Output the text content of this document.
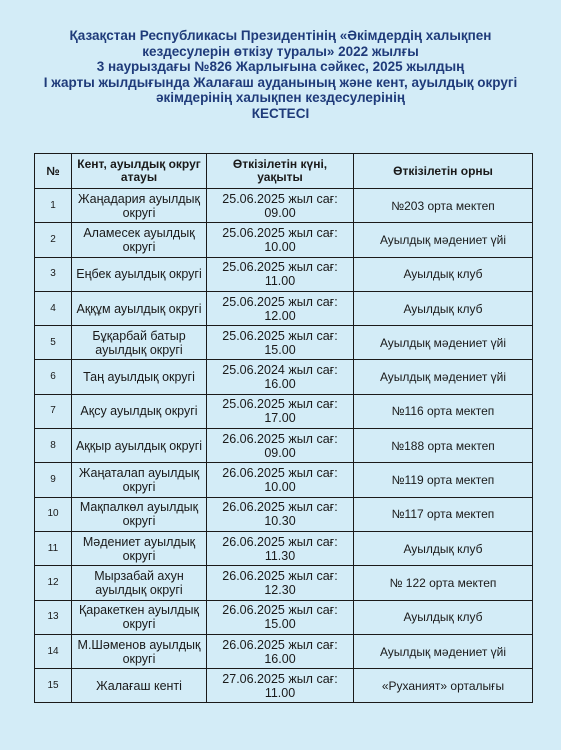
Қазақстан Республикасы Президентінің «Әкімдердің халықпен
кездесулерін өткізу туралы» 2022 жылғы
3 наурыздағы №826 Жарлығына сәйкес, 2025 жылдың
I жарты жылдығында Жалағаш ауданының және кент, ауылдық округі
әкімдерінің халықпен кездесулерінің
КЕСТЕСІ
№	Кент, ауылдық округ атауы	Өткізілетін күні, уақыты	Өткізілетін орны
1	Жаңадария ауылдық округі	25.06.2025 жыл сағ: 09.00	№203 орта мектеп
2	Аламесек ауылдық округі	25.06.2025 жыл сағ: 10.00	Ауылдық мәдениет үйі
3	Еңбек ауылдық округі	25.06.2025 жыл сағ: 11.00	Ауылдық клуб
4	Аққұм ауылдық округі	25.06.2025 жыл сағ: 12.00	Ауылдық клуб
5	Бұқарбай батыр ауылдық округі	25.06.2025 жыл сағ: 15.00	Ауылдық мәдениет үйі
6	Таң ауылдық округі	25.06.2024 жыл сағ: 16.00	Ауылдық мәдениет үйі
7	Ақсу ауылдық округі	25.06.2025 жыл сағ: 17.00	№116 орта мектеп
8	Аққыр ауылдық округі	26.06.2025 жыл сағ: 09.00	№188 орта мектеп
9	Жаңаталап ауылдық округі	26.06.2025 жыл сағ: 10.00	№119 орта мектеп
10	Мақпалкөл ауылдық округі	26.06.2025 жыл сағ: 10.30	№117 орта мектеп
11	Мәдениет ауылдық округі	26.06.2025 жыл сағ: 11.30	Ауылдық клуб
12	Мырзабай ахун ауылдық округі	26.06.2025 жыл сағ: 12.30	№ 122 орта мектеп
13	Қаракеткен ауылдық округі	26.06.2025 жыл сағ: 15.00	Ауылдық клуб
14	М.Шәменов ауылдық округі	26.06.2025 жыл сағ: 16.00	Ауылдық мәдениет үйі
15	Жалағаш кенті	27.06.2025 жыл сағ: 11.00	«Руханият» орталығы
